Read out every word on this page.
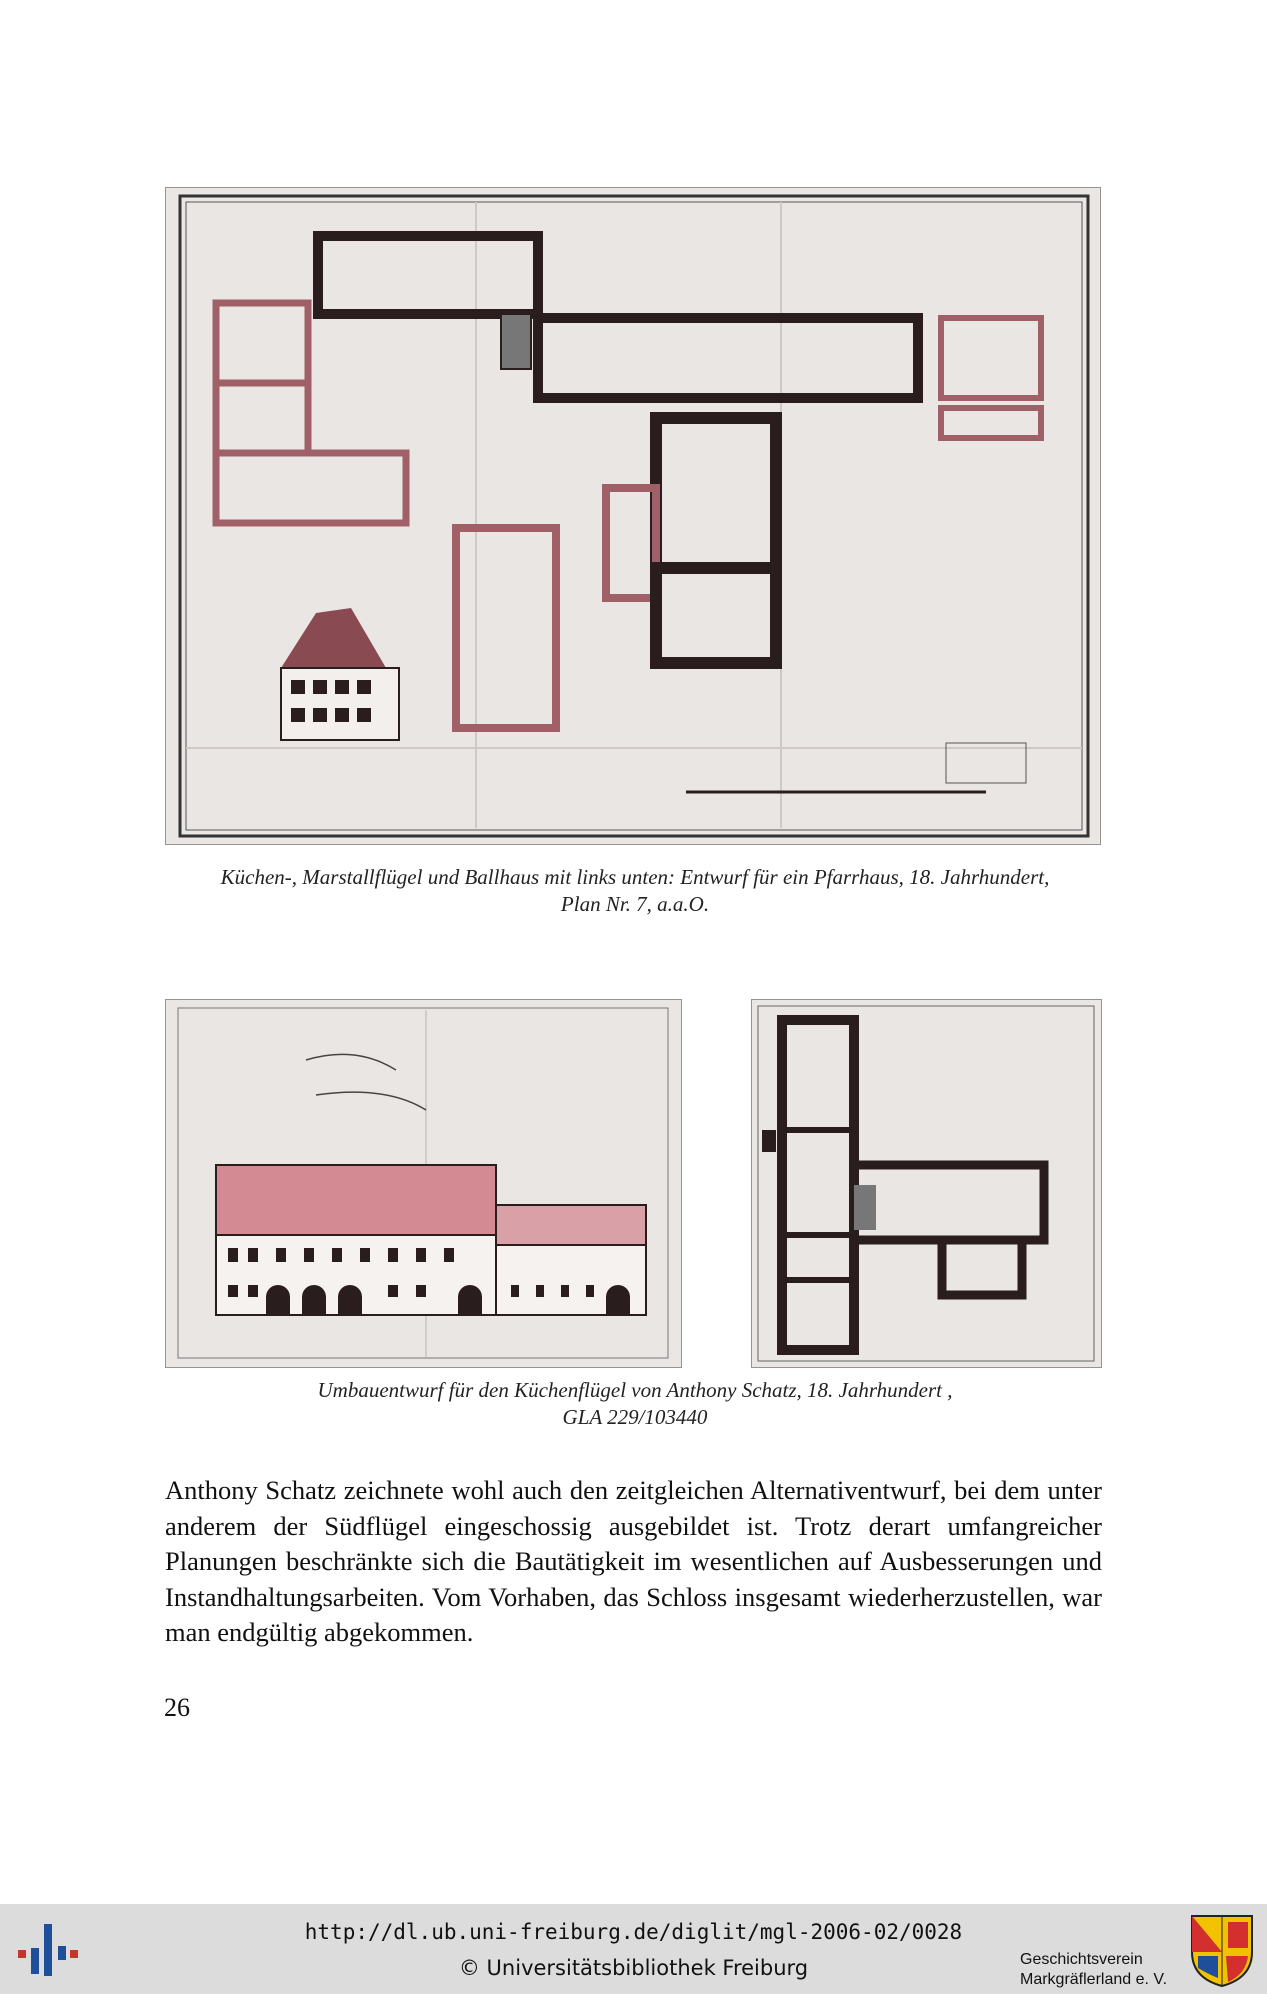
Küchen-, Marstallflügel und Ballhaus mit links unten: Entwurf für ein Pfarrhaus, 18. Jahrhundert,
Plan Nr. 7, a.a.O.
Umbauentwurf für den Küchenflügel von Anthony Schatz, 18. Jahrhundert ,
GLA 229/103440

Anthony Schatz zeichnete wohl auch den zeitgleichen Alternativentwurf, bei dem unter anderem der Südflügel eingeschossig ausgebildet ist. Trotz derart umfangreicher Planungen beschränkte sich die Bautätigkeit im wesentlichen auf Ausbesserungen und Instandhaltungsarbeiten. Vom Vorhaben, das Schloss insgesamt wiederherzustellen, war man endgültig abgekommen.

26
http://dl.ub.uni-freiburg.de/diglit/mgl-2006-02/0028
© Universitätsbibliothek Freiburg	Geschichtsverein
Markgräflerland e. V.
